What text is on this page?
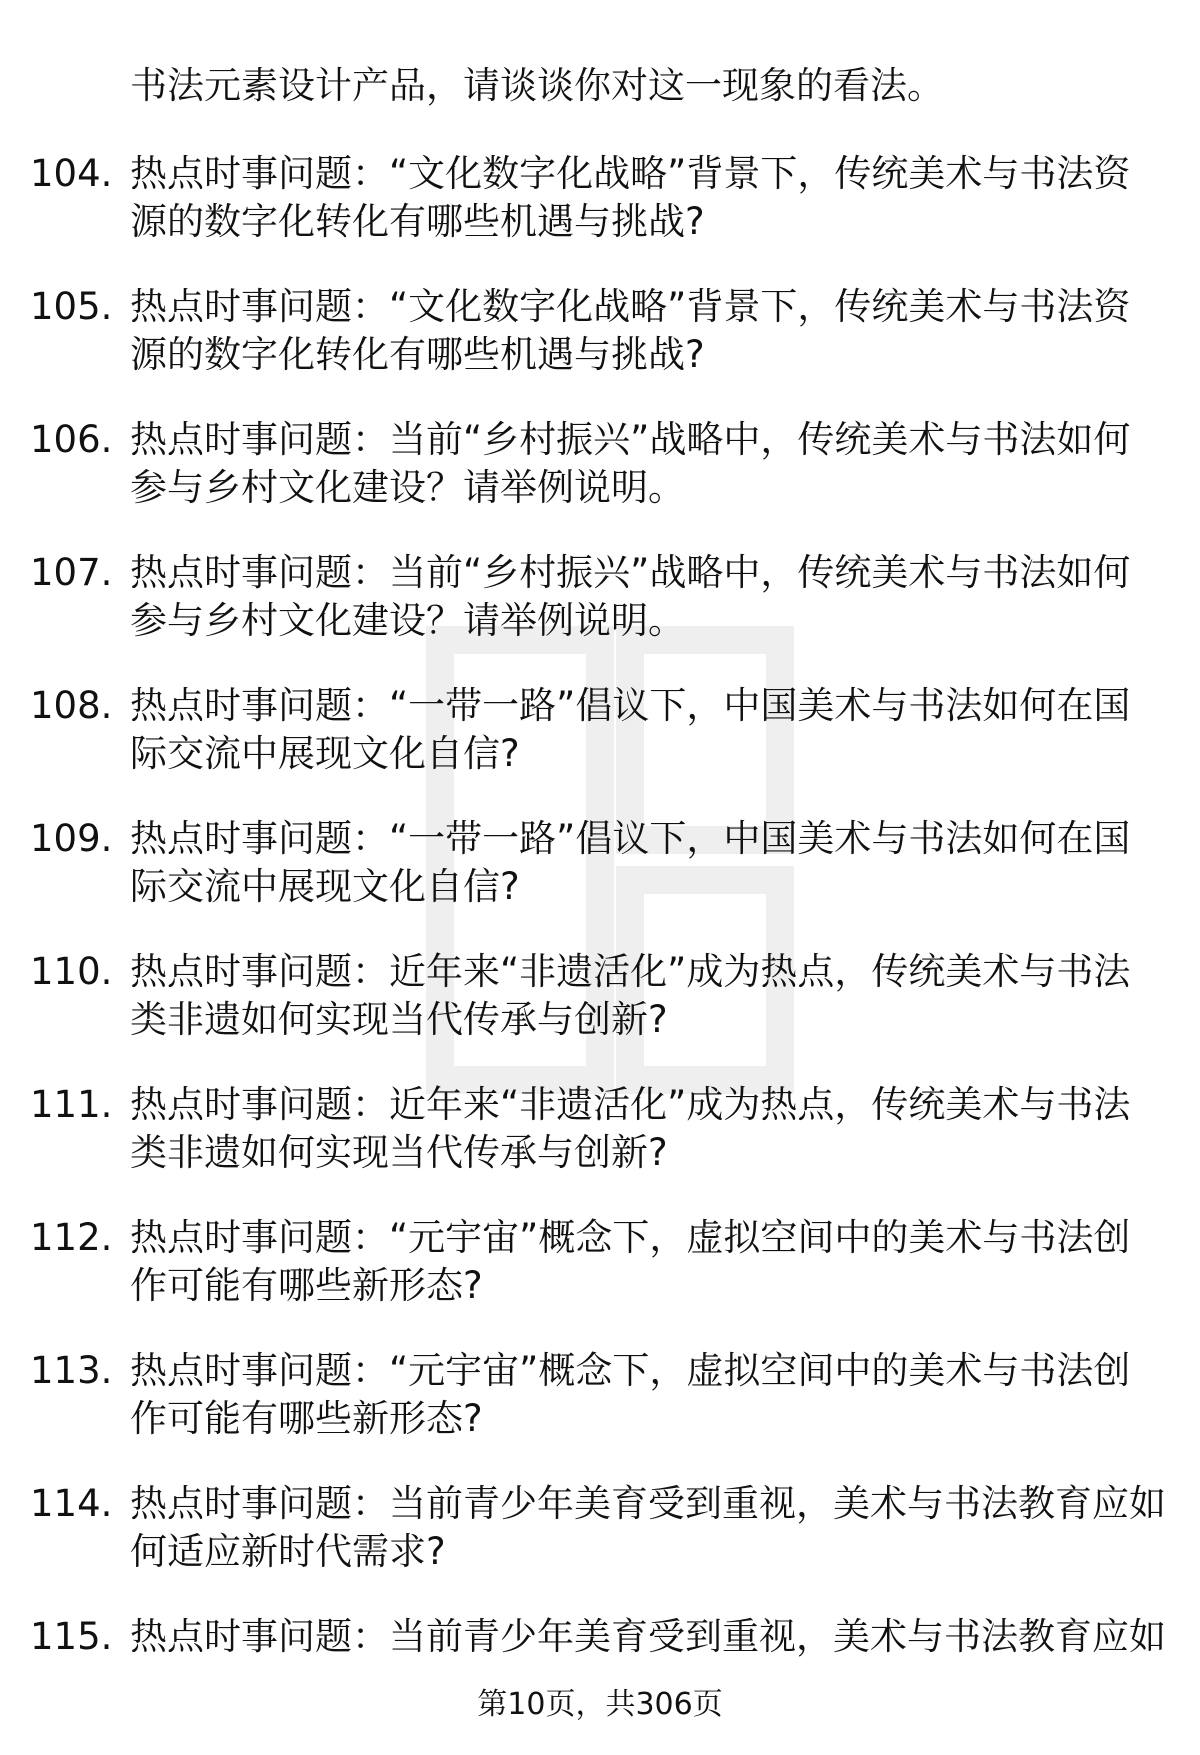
书法元素设计产品，请谈谈你对这一现象的看法。
104. 热点时事问题：“文化数字化战略”背景下，传统美术与书法资
源的数字化转化有哪些机遇与挑战?
105. 热点时事问题：“文化数字化战略”背景下，传统美术与书法资
源的数字化转化有哪些机遇与挑战?
106. 热点时事问题：当前“乡村振兴”战略中，传统美术与书法如何
参与乡村文化建设？请举例说明。
107. 热点时事问题：当前“乡村振兴”战略中，传统美术与书法如何
参与乡村文化建设？请举例说明。
108. 热点时事问题：“一带一路”倡议下，中国美术与书法如何在国
际交流中展现文化自信?
109. 热点时事问题：“一带一路”倡议下，中国美术与书法如何在国
际交流中展现文化自信?
110. 热点时事问题：近年来“非遗活化”成为热点，传统美术与书法
类非遗如何实现当代传承与创新?
111. 热点时事问题：近年来“非遗活化”成为热点，传统美术与书法
类非遗如何实现当代传承与创新?
112. 热点时事问题：“元宇宙”概念下，虚拟空间中的美术与书法创
作可能有哪些新形态?
113. 热点时事问题：“元宇宙”概念下，虚拟空间中的美术与书法创
作可能有哪些新形态?
114. 热点时事问题：当前青少年美育受到重视，美术与书法教育应如
何适应新时代需求?
115. 热点时事问题：当前青少年美育受到重视，美术与书法教育应如
第10页，共306页
